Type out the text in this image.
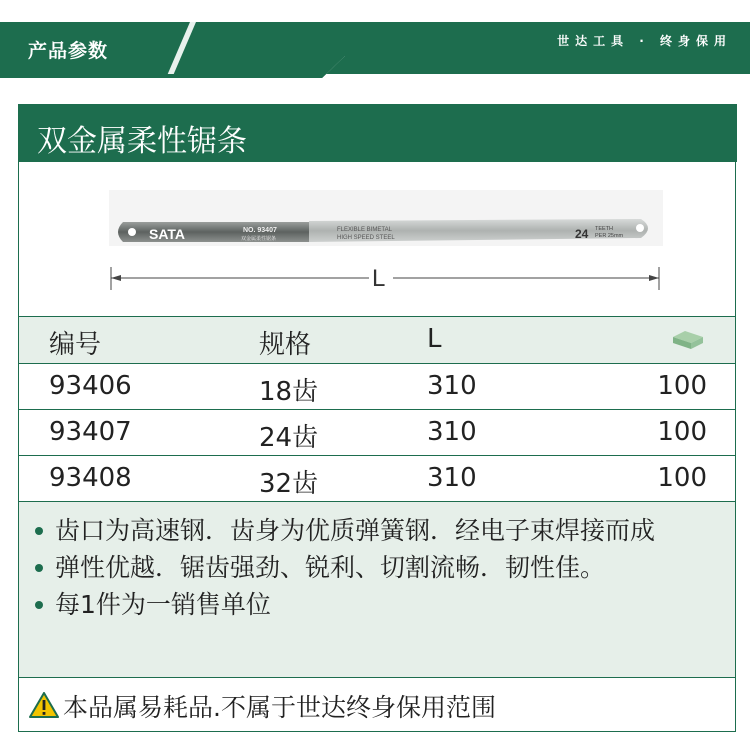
产品参数	世达工具 · 终身保用
双金属柔性锯条
SATA	NO. 93407
双金属柔性锯条
FLEXIBLE BIMETAL
HIGH SPEED STEEL	24 TEETH
PER 25mm
L
编号	规格	L
93406	18齿	310	100
93407	24齿	310	100
93408	32齿	310	100
齿口为高速钢．齿身为优质弹簧钢．经电子束焊接而成
弹性优越．锯齿强劲、锐利、切割流畅．韧性佳。
每1件为一销售单位
本品属易耗品.不属于世达终身保用范围
